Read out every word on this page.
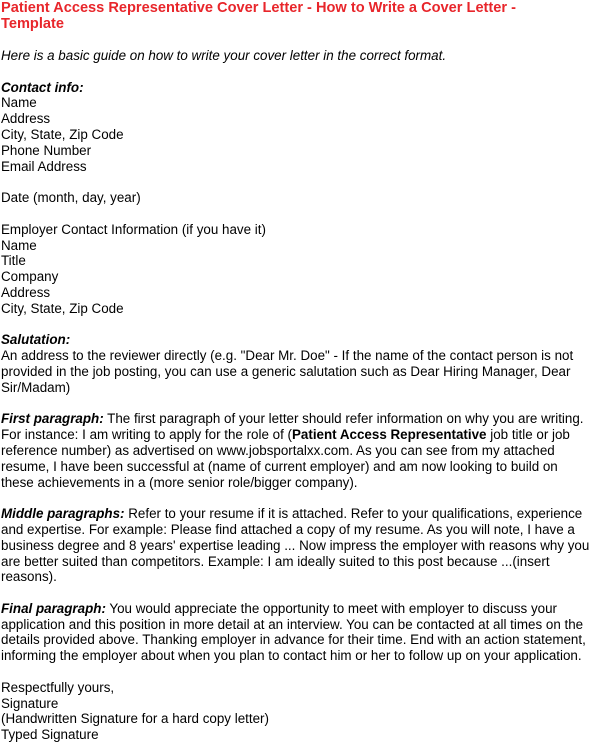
Patient Access Representative Cover Letter - How to Write a Cover Letter -
Template

Here is a basic guide on how to write your cover letter in the correct format.

Contact info:
Name
Address
City, State, Zip Code
Phone Number
Email Address
Date (month, day, year)
Employer Contact Information (if you have it)
Name
Title
Company
Address
City, State, Zip Code
Salutation:
An address to the reviewer directly (e.g. "Dear Mr. Doe" - If the name of the contact person is not
provided in the job posting, you can use a generic salutation such as Dear Hiring Manager, Dear
Sir/Madam)
First paragraph: The first paragraph of your letter should refer information on why you are writing.
For instance: I am writing to apply for the role of (Patient Access Representative job title or job
reference number) as advertised on www.jobsportalxx.com. As you can see from my attached
resume, I have been successful at (name of current employer) and am now looking to build on
these achievements in a (more senior role/bigger company).
Middle paragraphs: Refer to your resume if it is attached. Refer to your qualifications, experience
and expertise. For example: Please find attached a copy of my resume. As you will note, I have a
business degree and 8 years' expertise leading ... Now impress the employer with reasons why you
are better suited than competitors. Example: I am ideally suited to this post because ...(insert
reasons).
Final paragraph: You would appreciate the opportunity to meet with employer to discuss your
application and this position in more detail at an interview. You can be contacted at all times on the
details provided above. Thanking employer in advance for their time. End with an action statement,
informing the employer about when you plan to contact him or her to follow up on your application.
Respectfully yours,
Signature
(Handwritten Signature for a hard copy letter)
Typed Signature
